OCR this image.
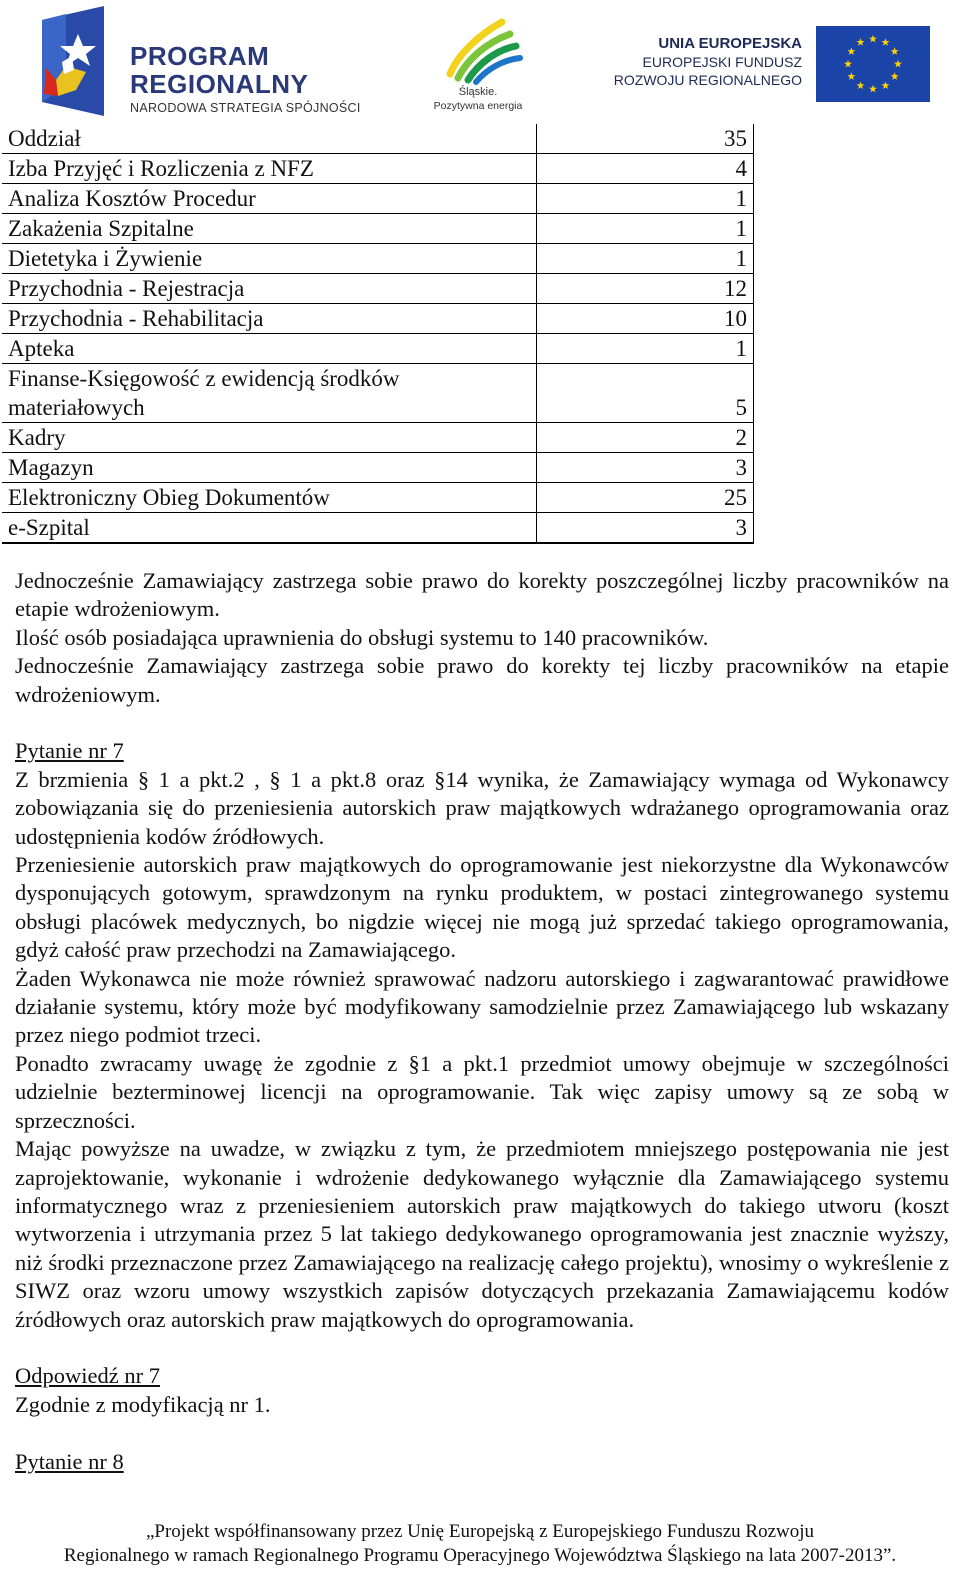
PROGRAM
REGIONALNY
NARODOWA STRATEGIA SPÓJNOŚCI
Śląskie.
Pozytywna energia
UNIA EUROPEJSKA
EUROPEJSKI FUNDUSZ
ROZWOJU REGIONALNEGO
Oddział	35

Izba Przyjęć i Rozliczenia z NFZ	4

Analiza Kosztów Procedur	1

Zakażenia Szpitalne	1

Dietetyka i Żywienie	1

Przychodnia - Rejestracja	12

Przychodnia - Rehabilitacja	10

Apteka	1

Finanse-Księgowość z ewidencją środków
materiałowych	5

Kadry	2

Magazyn	3

Elektroniczny Obieg Dokumentów	25

e-Szpital	3

Jednocześnie Zamawiający zastrzega sobie prawo do korekty poszczególnej liczby pracowników na etapie wdrożeniowym.

Ilość osób posiadająca uprawnienia do obsługi systemu to 140 pracowników.

Jednocześnie Zamawiający zastrzega sobie prawo do korekty tej liczby pracowników na etapie wdrożeniowym.

Pytanie nr 7

Z brzmienia § 1 a pkt.2 , § 1 a pkt.8 oraz §14 wynika, że Zamawiający wymaga od Wykonawcy zobowiązania się do przeniesienia autorskich praw majątkowych wdrażanego oprogramowania oraz udostępnienia kodów źródłowych.

Przeniesienie autorskich praw majątkowych do oprogramowanie jest niekorzystne dla Wykonawców dysponujących gotowym, sprawdzonym na rynku produktem, w postaci zintegrowanego systemu obsługi placówek medycznych, bo nigdzie więcej nie mogą już sprzedać takiego oprogramowania, gdyż całość praw przechodzi na Zamawiającego.

Żaden Wykonawca nie może również sprawować nadzoru autorskiego i zagwarantować prawidłowe działanie systemu, który może być modyfikowany samodzielnie przez Zamawiającego lub wskazany przez niego podmiot trzeci.

Ponadto zwracamy uwagę że zgodnie z §1 a pkt.1 przedmiot umowy obejmuje w szczególności udzielnie bezterminowej licencji na oprogramowanie. Tak więc zapisy umowy są ze sobą w sprzeczności.

Mając powyższe na uwadze, w związku z tym, że przedmiotem mniejszego postępowania nie jest zaprojektowanie, wykonanie i wdrożenie dedykowanego wyłącznie dla Zamawiającego systemu informatycznego wraz z przeniesieniem autorskich praw majątkowych do takiego utworu (koszt wytworzenia i utrzymania przez 5 lat takiego dedykowanego oprogramowania jest znacznie wyższy, niż środki przeznaczone przez Zamawiającego na realizację całego projektu), wnosimy o wykreślenie z SIWZ oraz wzoru umowy wszystkich zapisów dotyczących przekazania Zamawiającemu kodów źródłowych oraz autorskich praw majątkowych do oprogramowania.

Odpowiedź nr 7

Zgodnie z modyfikacją nr 1.

Pytanie nr 8

„Projekt współfinansowany przez Unię Europejską z Europejskiego Funduszu Rozwoju
Regionalnego w ramach Regionalnego Programu Operacyjnego Województwa Śląskiego na lata 2007-2013”.
